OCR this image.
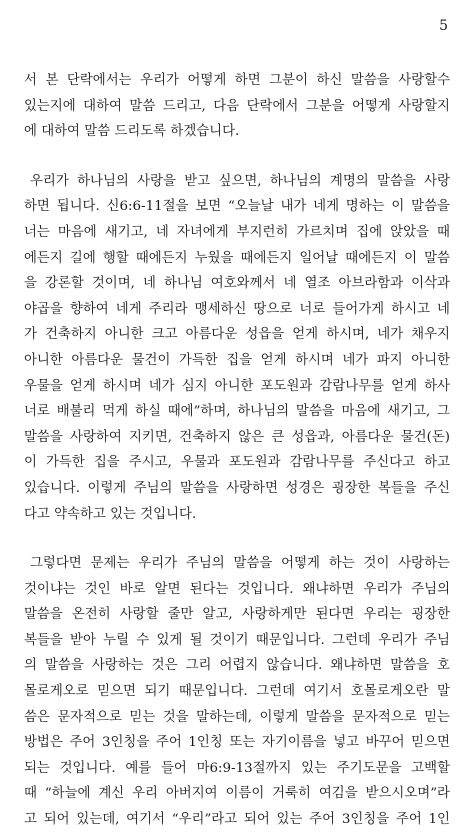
5
서 본 단락에서는 우리가 어떻게 하면 그분이 하신 말씀을 사랑할수
있는지에 대하여 말씀 드리고, 다음 단락에서 그분을 어떻게 사랑할지
에 대하여 말씀 드리도록 하겠습니다.
우리가 하나님의 사랑을 받고 싶으면, 하나님의 계명의 말씀을 사랑
하면 됩니다. 신6:6-11절을 보면 “오늘날 내가 네게 명하는 이 말씀을
너는 마음에 새기고, 네 자녀에게 부지런히 가르치며 집에 앉았을 때
에든지 길에 행할 때에든지 누웠을 때에든지 일어날 때에든지 이 말씀
을 강론할 것이며, 네 하나님 여호와께서 네 열조 아브라함과 이삭과
야곱을 향하여 네게 주리라 맹세하신 땅으로 너로 들어가게 하시고 네
가 건축하지 아니한 크고 아름다운 성읍을 얻게 하시며, 네가 채우지
아니한 아름다운 물건이 가득한 집을 얻게 하시며 네가 파지 아니한
우물을 얻게 하시며 네가 심지 아니한 포도원과 감람나무를 얻게 하사
너로 배불리 먹게 하실 때에”하며, 하나님의 말씀을 마음에 새기고, 그
말씀을 사랑하여 지키면, 건축하지 않은 큰 성읍과, 아름다운 물건(돈)
이 가득한 집을 주시고, 우물과 포도원과 감람나무를 주신다고 하고
있습니다. 이렇게 주님의 말씀을 사랑하면 성경은 굉장한 복들을 주신
다고 약속하고 있는 것입니다.
그렇다면 문제는 우리가 주님의 말씀을 어떻게 하는 것이 사랑하는
것이냐는 것인 바로 알면 된다는 것입니다. 왜냐하면 우리가 주님의
말씀을 온전히 사랑할 줄만 알고, 사랑하게만 된다면 우리는 굉장한
복들을 받아 누릴 수 있게 될 것이기 때문입니다. 그런데 우리가 주님
의 말씀을 사랑하는 것은 그리 어렵지 않습니다. 왜냐하면 말씀을 호
몰로게오로 믿으면 되기 때문입니다. 그런데 여기서 호몰로게오란 말
씀은 문자적으로 믿는 것을 말하는데, 이렇게 말씀을 문자적으로 믿는
방법은 주어 3인칭을 주어 1인칭 또는 자기이름을 넣고 바꾸어 믿으면
되는 것입니다. 예를 들어 마6:9-13절까지 있는 주기도문을 고백할
때 “하늘에 계신 우리 아버지여 이름이 거룩히 여김을 받으시오며”라
고 되어 있는데, 여기서 “우리”라고 되어 있는 주어 3인칭을 주어 1인
